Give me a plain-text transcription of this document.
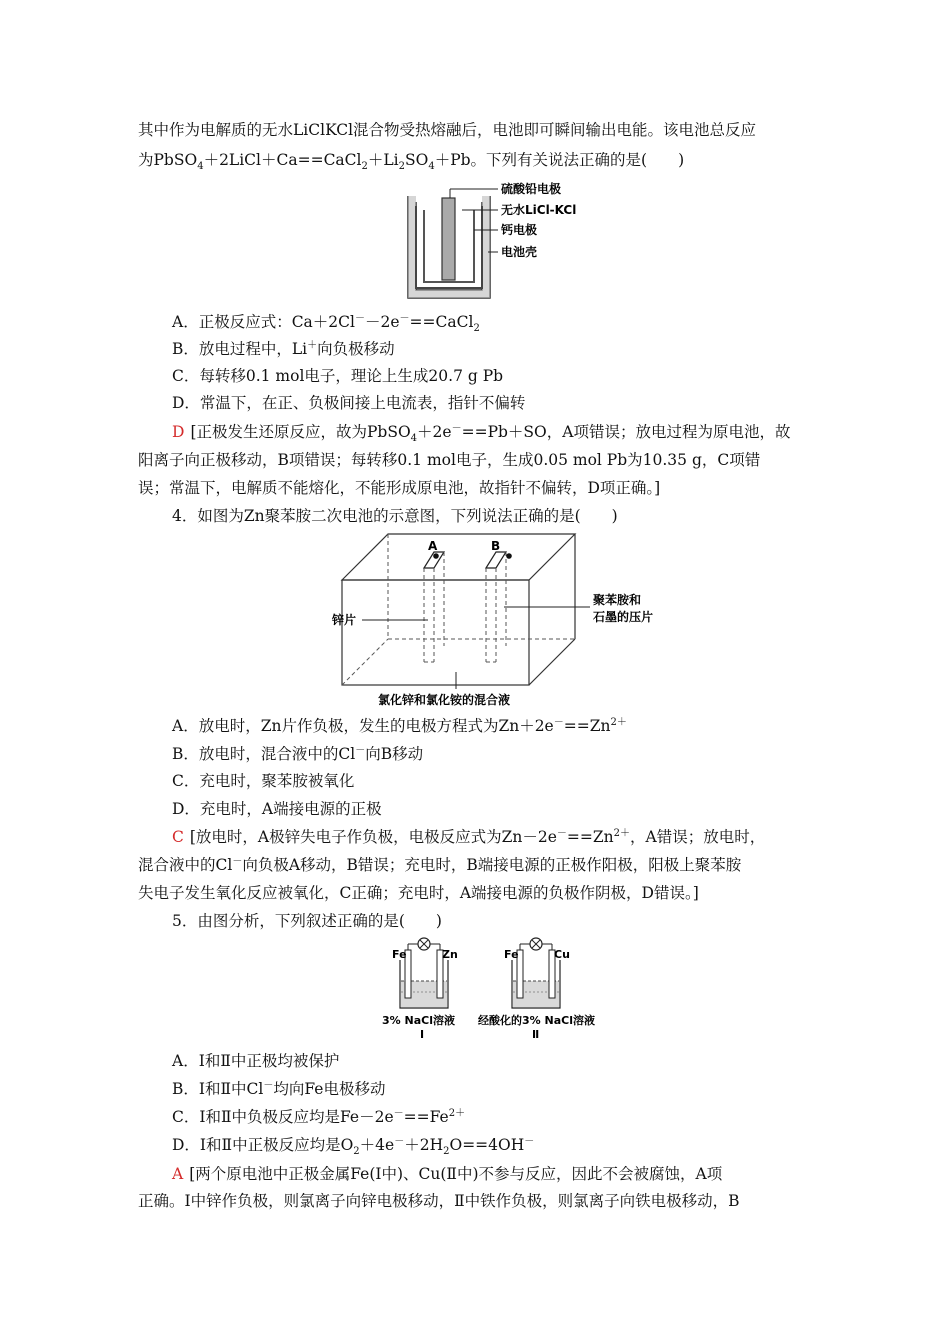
其中作为电解质的无水LiClKCl混合物受热熔融后，电池即可瞬间输出电能。该电池总反应
为$PbSO_4+2LiCl+Ca==CaCl_2+Li_2SO_4+Pb$。下列有关说法正确的是(　　)
硫酸铅电极
无水LiCl-KCl
钙电极
电池壳
A．正极反应式：Ca＋2Cl－－2e－==CaCl$_2$
B．放电过程中，Li＋向负极移动
C．每转移0.1 mol电子，理论上生成20.7 g Pb
D．常温下，在正、负极间接上电流表，指针不偏转
D [正极发生还原反应，故为PbSO$_4$＋2e－==Pb＋SO，A项错误；放电过程为原电池，故
阳离子向正极移动，B项错误；每转移0.1 mol电子，生成0.05 mol Pb为10.35 g，C项错
误；常温下，电解质不能熔化，不能形成原电池，故指针不偏转，D项正确。]
4．如图为Zn聚苯胺二次电池的示意图，下列说法正确的是(　　)
A	B
锌片
聚苯胺和
石墨的压片
氯化锌和氯化铵的混合液
A．放电时，Zn片作负极，发生的电极方程式为$Zn+2e^-==Zn^{2+}$
B．放电时，混合液中的Cl－向B移动
C．充电时，聚苯胺被氧化
D．充电时，A端接电源的正极
C [放电时，A极锌失电子作负极，电极反应式为$Zn-2e^-==Zn^{2+}$，A错误；放电时，
混合液中的Cl－向负极A移动，B错误；充电时，B端接电源的正极作阳极，阳极上聚苯胺
失电子发生氧化反应被氧化，C正确；充电时，A端接电源的负极作阴极，D错误。]
5．由图分析，下列叙述正确的是(　　)
Fe	Zn
3% NaCl溶液
Ⅰ
Fe	Cu
经酸化的3% NaCl溶液
Ⅱ
A．Ⅰ和Ⅱ中正极均被保护
B．Ⅰ和Ⅱ中Cl－均向Fe电极移动
C．Ⅰ和Ⅱ中负极反应均是$Fe-2e^-==Fe^{2+}$
D．Ⅰ和Ⅱ中正极反应均是$O_2+4e^-+2H_2O==4OH^-$
A [两个原电池中正极金属Fe(Ⅰ中)、Cu(Ⅱ中)不参与反应，因此不会被腐蚀，A项
正确。Ⅰ中锌作负极，则氯离子向锌电极移动，Ⅱ中铁作负极，则氯离子向铁电极移动，B
